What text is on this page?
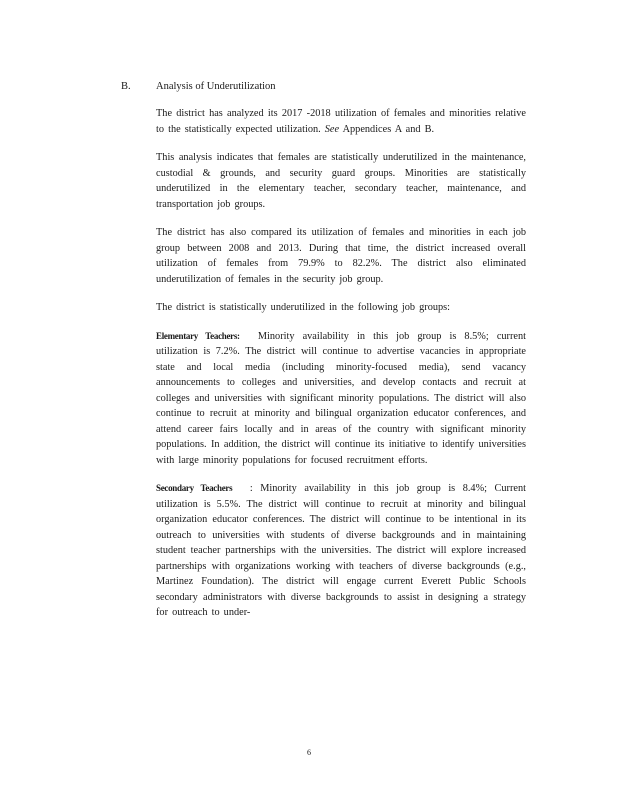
B.	Analysis of Underutilization

The district has analyzed its 2017 -2018 utilization of females and minorities relative to the statistically expected utilization. See Appendices A and B.

This analysis indicates that females are statistically underutilized in the maintenance, custodial & grounds, and security guard groups. Minorities are statistically underutilized in the elementary teacher, secondary teacher, maintenance, and transportation job groups.

The district has also compared its utilization of females and minorities in each job group between 2008 and 2013. During that time, the district increased overall utilization of females from 79.9% to 82.2%. The district also eliminated underutilization of females in the security job group.

The district is statistically underutilized in the following job groups:

Elementary Teachers: Minority availability in this job group is 8.5%; current utilization is 7.2%. The district will continue to advertise vacancies in appropriate state and local media (including minority-focused media), send vacancy announcements to colleges and universities, and develop contacts and recruit at colleges and universities with significant minority populations. The district will also continue to recruit at minority and bilingual organization educator conferences, and attend career fairs locally and in areas of the country with significant minority populations. In addition, the district will continue its initiative to identify universities with large minority populations for focused recruitment efforts.

Secondary Teachers : Minority availability in this job group is 8.4%; Current utilization is 5.5%. The district will continue to recruit at minority and bilingual organization educator conferences. The district will continue to be intentional in its outreach to universities with students of diverse backgrounds and in maintaining student teacher partnerships with the universities. The district will explore increased partnerships with organizations working with teachers of diverse backgrounds (e.g., Martinez Foundation). The district will engage current Everett Public Schools secondary administrators with diverse backgrounds to assist in designing a strategy for outreach to under-

6
